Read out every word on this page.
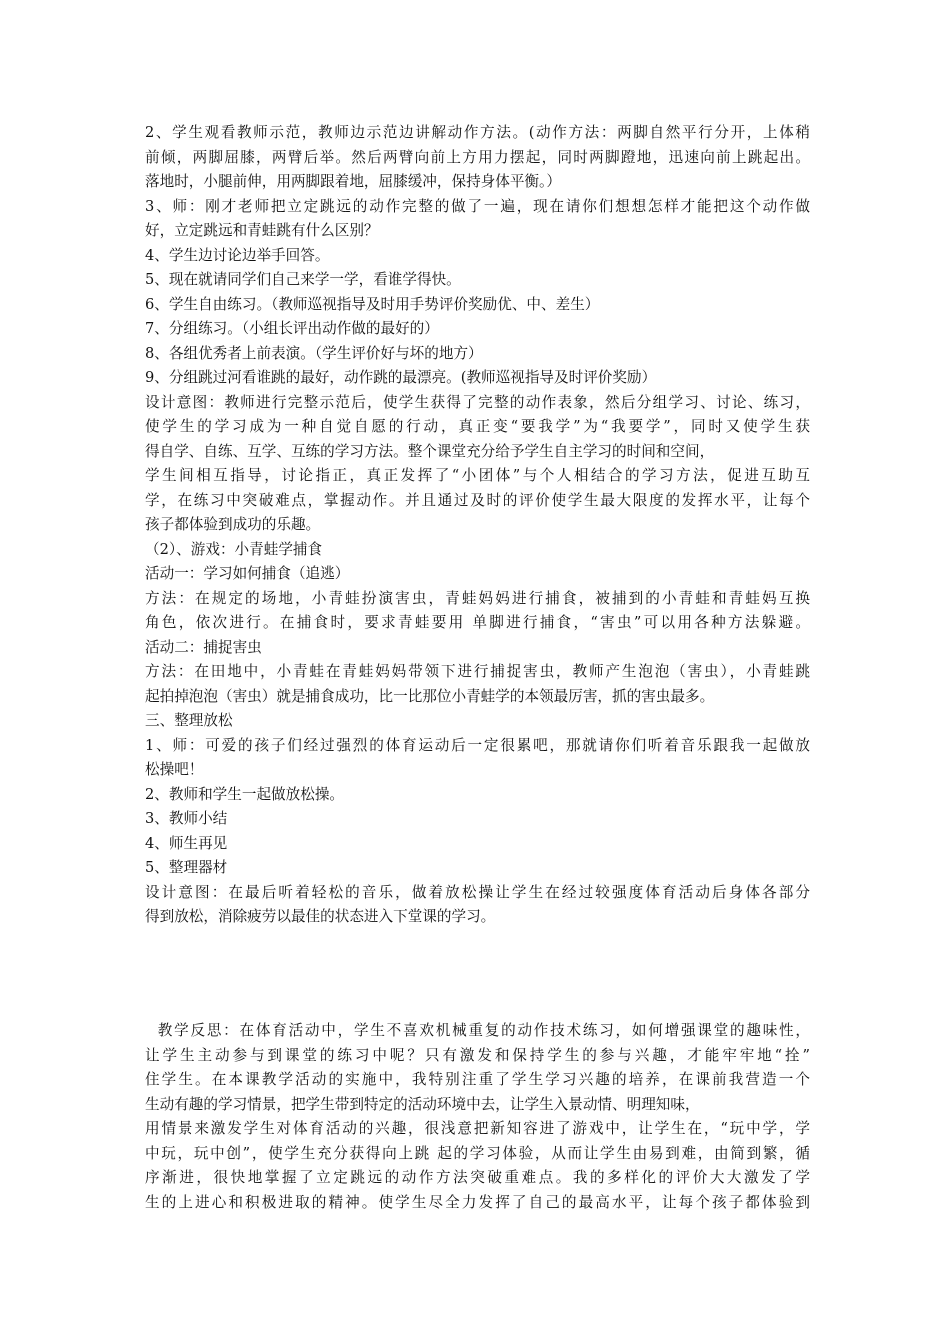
2、学生观看教师示范，教师边示范边讲解动作方法。(动作方法：两脚自然平行分开，上体稍
前倾，两脚屈膝，两臂后举。然后两臂向前上方用力摆起，同时两脚蹬地，迅速向前上跳起出。
落地时，小腿前伸，用两脚跟着地，屈膝缓冲，保持身体平衡。）
3、师：刚才老师把立定跳远的动作完整的做了一遍，现在请你们想想怎样才能把这个动作做
好，立定跳远和青蛙跳有什么区别？
4、学生边讨论边举手回答。
5、现在就请同学们自己来学一学，看谁学得快。
6、学生自由练习。（教师巡视指导及时用手势评价奖励优、中、差生）
7、分组练习。（小组长评出动作做的最好的）
8、各组优秀者上前表演。（学生评价好与坏的地方）
9、分组跳过河看谁跳的最好，动作跳的最漂亮。(教师巡视指导及时评价奖励）
设计意图：教师进行完整示范后，使学生获得了完整的动作表象，然后分组学习、讨论、练习，
使学生的学习成为一种自觉自愿的行动，真正变“要我学”为“我要学”，同时又使学生获
得自学、自练、互学、互练的学习方法。整个课堂充分给予学生自主学习的时间和空间，
学生间相互指导，讨论指正，真正发挥了“小团体”与个人相结合的学习方法，促进互助互
学，在练习中突破难点，掌握动作。并且通过及时的评价使学生最大限度的发挥水平，让每个
孩子都体验到成功的乐趣。
（2）、游戏：小青蛙学捕食
活动一：学习如何捕食（追逃）
方法：在规定的场地，小青蛙扮演害虫，青蛙妈妈进行捕食，被捕到的小青蛙和青蛙妈互换
角色，依次进行。在捕食时，要求青蛙要用 单脚进行捕食，“害虫”可以用各种方法躲避。
活动二：捕捉害虫
方法：在田地中，小青蛙在青蛙妈妈带领下进行捕捉害虫，教师产生泡泡（害虫），小青蛙跳
起拍掉泡泡（害虫）就是捕食成功，比一比那位小青蛙学的本领最厉害，抓的害虫最多。
三、整理放松
1、师：可爱的孩子们经过强烈的体育运动后一定很累吧，那就请你们听着音乐跟我一起做放
松操吧！
2、教师和学生一起做放松操。
3、教师小结
4、师生再见
5、整理器材
设计意图：在最后听着轻松的音乐，做着放松操让学生在经过较强度体育活动后身体各部分
得到放松，消除疲劳以最佳的状态进入下堂课的学习。
教学反思：在体育活动中，学生不喜欢机械重复的动作技术练习，如何增强课堂的趣味性，
让学生主动参与到课堂的练习中呢？只有激发和保持学生的参与兴趣，才能牢牢地“拴”
住学生。在本课教学活动的实施中，我特别注重了学生学习兴趣的培养，在课前我营造一个
生动有趣的学习情景，把学生带到特定的活动环境中去，让学生入景动情、明理知味，
用情景来激发学生对体育活动的兴趣，很浅意把新知容进了游戏中，让学生在，“玩中学，学
中玩，玩中创”，使学生充分获得向上跳 起的学习体验，从而让学生由易到难，由简到繁，循
序渐进，很快地掌握了立定跳远的动作方法突破重难点。我的多样化的评价大大激发了学
生的上进心和积极进取的精神。使学生尽全力发挥了自己的最高水平，让每个孩子都体验到
